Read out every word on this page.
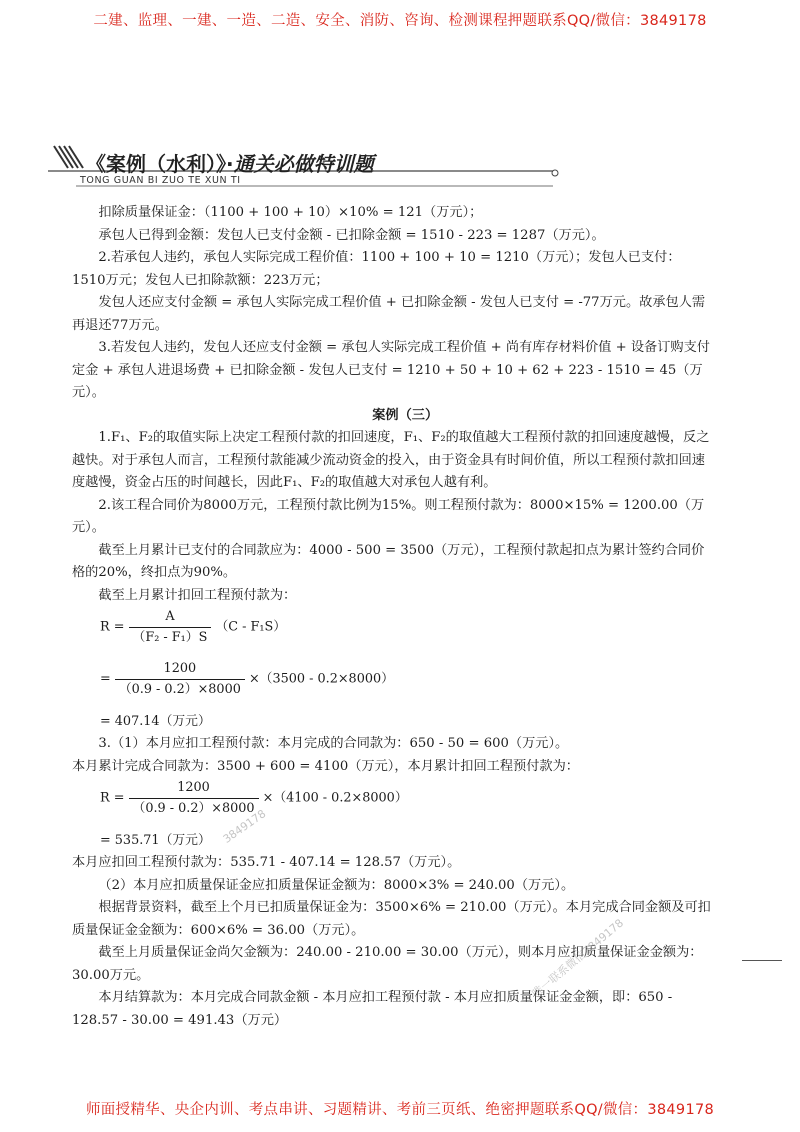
二建、监理、一建、一造、二造、安全、消防、咨询、检测课程押题联系QQ/微信：3849178
《案例（水利）》·通关必做特训题
TONG GUAN BI ZUO TE XUN TI

扣除质量保证金：（1100 + 100 + 10）×10% = 121（万元）；

承包人已得到金额：发包人已支付金额 - 已扣除金额 = 1510 - 223 = 1287（万元）。

2.若承包人违约，承包人实际完成工程价值：1100 + 100 + 10 = 1210（万元）；发包人已支付：1510万元；发包人已扣除款额：223万元；

发包人还应支付金额 = 承包人实际完成工程价值 + 已扣除金额 - 发包人已支付 = -77万元。故承包人需再退还77万元。

3.若发包人违约，发包人还应支付金额 = 承包人实际完成工程价值 + 尚有库存材料价值 + 设备订购支付定金 + 承包人进退场费 + 已扣除金额 - 发包人已支付 = 1210 + 50 + 10 + 62 + 223 - 1510 = 45（万元）。

案例（三）

1.F₁、F₂的取值实际上决定工程预付款的扣回速度，F₁、F₂的取值越大工程预付款的扣回速度越慢，反之越快。对于承包人而言，工程预付款能减少流动资金的投入，由于资金具有时间价值，所以工程预付款扣回速度越慢，资金占压的时间越长，因此F₁、F₂的取值越大对承包人越有利。

2.该工程合同价为8000万元，工程预付款比例为15%。则工程预付款为：8000×15% = 1200.00（万元）。

截至上月累计已支付的合同款应为：4000 - 500 = 3500（万元），工程预付款起扣点为累计签约合同价格的20%，终扣点为90%。

截至上月累计扣回工程预付款为：

$R = \frac{A}{\text{（F₂ - F₁）S}} (C - F_1S)$
= $\frac{1200}{(0.9 - 0.2)\times 8000} \times(3500 - 0.2\times 8000)$
= 407.14（万元）

3.（1）本月应扣工程预付款：本月完成的合同款为：650 - 50 = 600（万元）。

本月累计完成合同款为：3500 + 600 = 4100（万元），本月累计扣回工程预付款为：

$R = \frac{1200}{(0.9 - 0.2)\times 8000} \times(4100 - 0.2\times 8000)$
= 535.71（万元）

本月应扣回工程预付款为：535.71 - 407.14 = 128.57（万元）。

（2）本月应扣质量保证金应扣质量保证金额为：8000×3% = 240.00（万元）。

根据背景资料，截至上个月已扣质量保证金为：3500×6% = 210.00（万元）。本月完成合同金额及可扣质量保证金金额为：600×6% = 36.00（万元）。

截至上月质量保证金尚欠金额为：240.00 - 210.00 = 30.00（万元），则本月应扣质量保证金金额为：30.00万元。

本月结算款为：本月完成合同款金额 - 本月应扣工程预付款 - 本月应扣质量保证金金额，即：650 - 128.57 - 30.00 = 491.43（万元）

3849178
唯一联系微信3849178
师面授精华、央企内训、考点串讲、习题精讲、考前三页纸、绝密押题联系QQ/微信：3849178
